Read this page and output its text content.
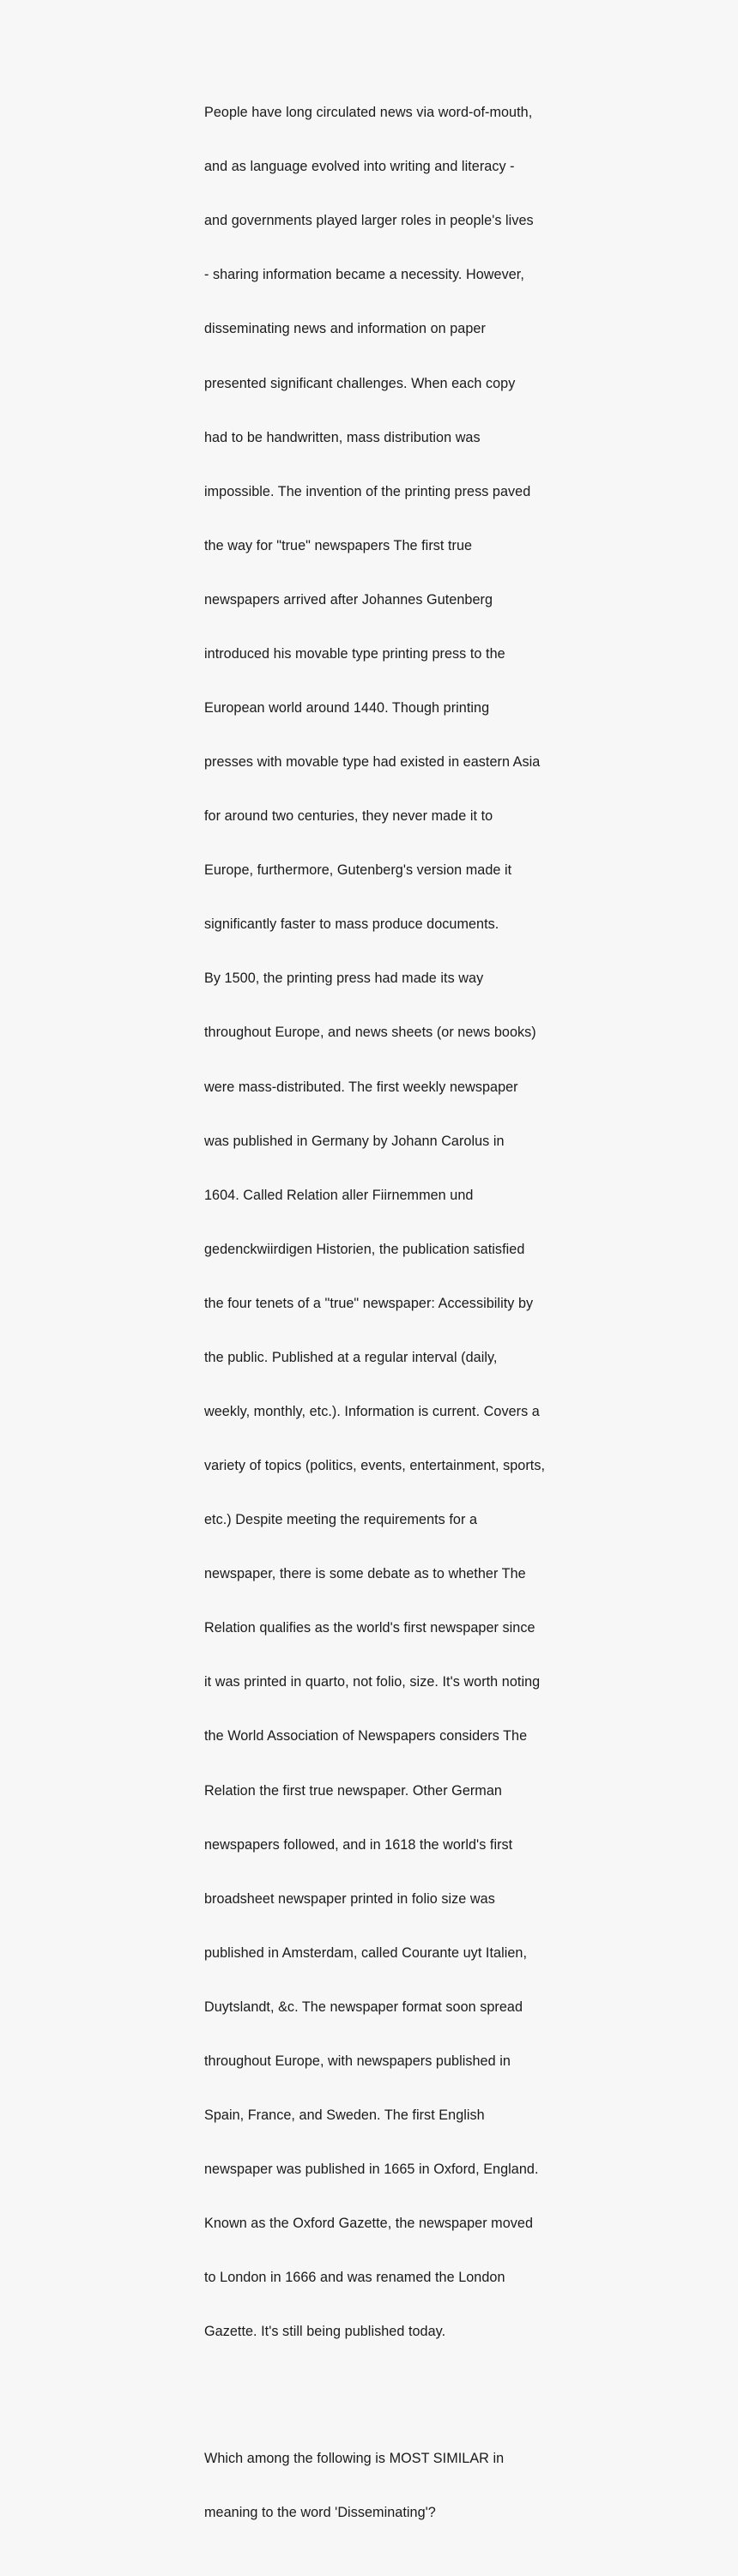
People have long circulated news via word-of-mouth,

and as language evolved into writing and literacy -

and governments played larger roles in people's lives

- sharing information became a necessity. However,

disseminating news and information on paper

presented significant challenges. When each copy

had to be handwritten, mass distribution was

impossible. The invention of the printing press paved

the way for "true" newspapers The first true

newspapers arrived after Johannes Gutenberg

introduced his movable type printing press to the

European world around 1440. Though printing

presses with movable type had existed in eastern Asia

for around two centuries, they never made it to

Europe, furthermore, Gutenberg's version made it

significantly faster to mass produce documents.

By 1500, the printing press had made its way

throughout Europe, and news sheets (or news books)

were mass-distributed. The first weekly newspaper

was published in Germany by Johann Carolus in

1604. Called Relation aller Fiirnemmen und

gedenckwiirdigen Historien, the publication satisfied

the four tenets of a "true" newspaper: Accessibility by

the public. Published at a regular interval (daily,

weekly, monthly, etc.). Information is current. Covers a

variety of topics (politics, events, entertainment, sports,

etc.) Despite meeting the requirements for a

newspaper, there is some debate as to whether The

Relation qualifies as the world's first newspaper since

it was printed in quarto, not folio, size. It's worth noting

the World Association of Newspapers considers The

Relation the first true newspaper. Other German

newspapers followed, and in 1618 the world's first

broadsheet newspaper printed in folio size was

published in Amsterdam, called Courante uyt Italien,

Duytslandt, &c. The newspaper format soon spread

throughout Europe, with newspapers published in

Spain, France, and Sweden. The first English

newspaper was published in 1665 in Oxford, England.

Known as the Oxford Gazette, the newspaper moved

to London in 1666 and was renamed the London

Gazette. It's still being published today.

Which among the following is MOST SIMILAR in

meaning to the word 'Disseminating'?
